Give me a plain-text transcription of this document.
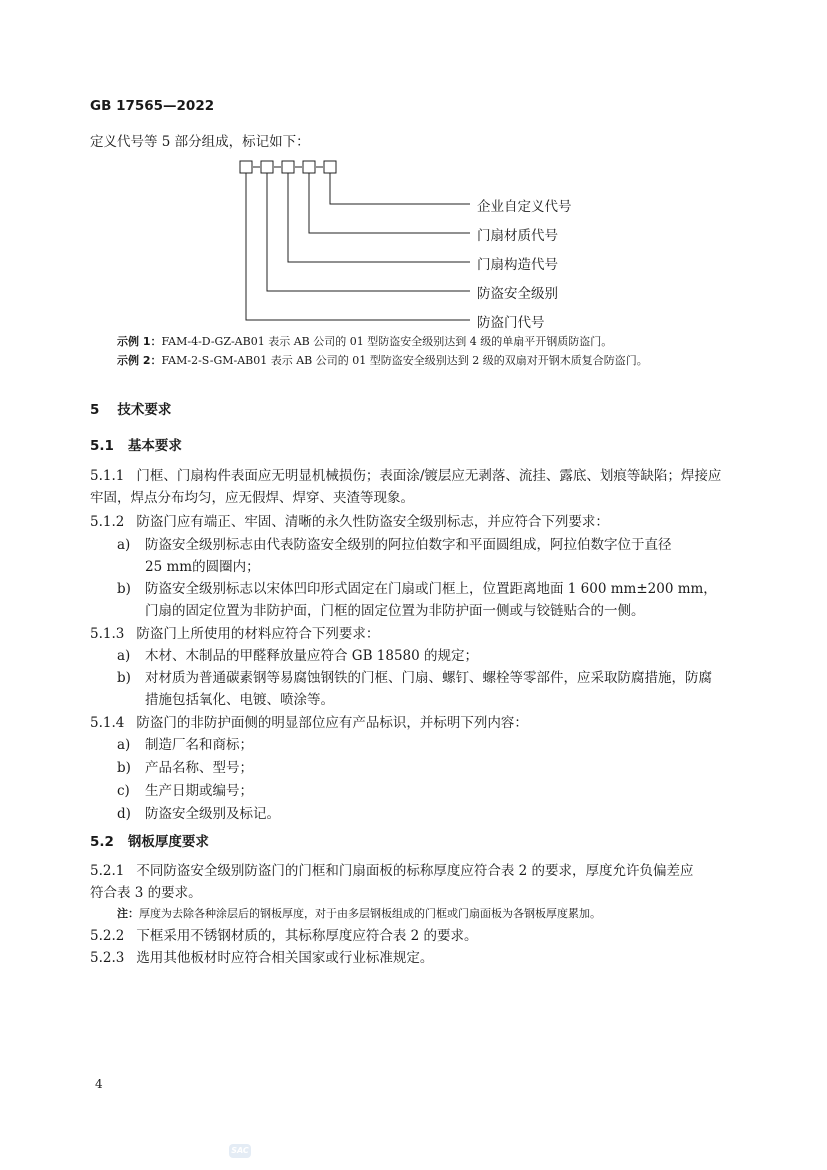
GB 17565—2022
定义代号等 5 部分组成，标记如下：
企业自定义代号
门扇材质代号
门扇构造代号
防盗安全级别
防盗门代号
示例 1：FAM-4-D-GZ-AB01 表示 AB 公司的 01 型防盗安全级别达到 4 级的单扇平开钢质防盗门。
示例 2：FAM-2-S-GM-AB01 表示 AB 公司的 01 型防盗安全级别达到 2 级的双扇对开钢木质复合防盗门。
5 技术要求
5.1 基本要求
5.1.1 门框、门扇构件表面应无明显机械损伤；表面涂/镀层应无剥落、流挂、露底、划痕等缺陷；焊接应
牢固，焊点分布均匀，应无假焊、焊穿、夹渣等现象。
5.1.2 防盗门应有端正、牢固、清晰的永久性防盗安全级别标志，并应符合下列要求：
a) 防盗安全级别标志由代表防盗安全级别的阿拉伯数字和平面圆组成，阿拉伯数字位于直径
25 mm的圆圈内；
b) 防盗安全级别标志以宋体凹印形式固定在门扇或门框上，位置距离地面 1 600 mm±200 mm，
门扇的固定位置为非防护面，门框的固定位置为非防护面一侧或与铰链贴合的一侧。
5.1.3 防盗门上所使用的材料应符合下列要求：
a) 木材、木制品的甲醛释放量应符合 GB 18580 的规定；
b) 对材质为普通碳素钢等易腐蚀钢铁的门框、门扇、螺钉、螺栓等零部件，应采取防腐措施，防腐
措施包括氧化、电镀、喷涂等。
5.1.4 防盗门的非防护面侧的明显部位应有产品标识，并标明下列内容：
a) 制造厂名和商标；
b) 产品名称、型号；
c) 生产日期或编号；
d) 防盗安全级别及标记。
5.2 钢板厚度要求
5.2.1 不同防盗安全级别防盗门的门框和门扇面板的标称厚度应符合表 2 的要求，厚度允许负偏差应
符合表 3 的要求。
注：厚度为去除各种涂层后的钢板厚度，对于由多层钢板组成的门框或门扇面板为各钢板厚度累加。
5.2.2 下框采用不锈钢材质的，其标称厚度应符合表 2 的要求。
5.2.3 选用其他板材时应符合相关国家或行业标准规定。
4
SAC
